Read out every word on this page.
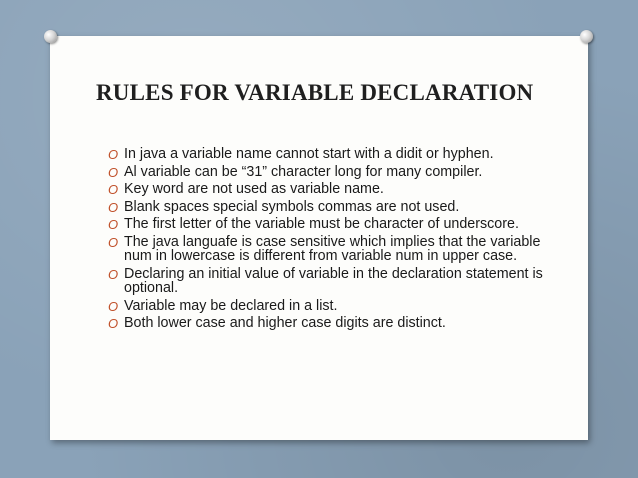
RULES FOR VARIABLE DECLARATION
O In java a variable name cannot start with a didit or hyphen.
O Al variable can be “31” character long for many compiler.
O Key word are not used as variable name.
O Blank spaces special symbols commas are not used.
O The first letter of the variable must be character of underscore.
O The java languafe is case sensitive which implies that the variable num in lowercase is different from variable num in upper case.
O Declaring an initial value of variable in the declaration statement is optional.
O Variable may be declared in a list.
O Both lower case and higher case digits are distinct.
